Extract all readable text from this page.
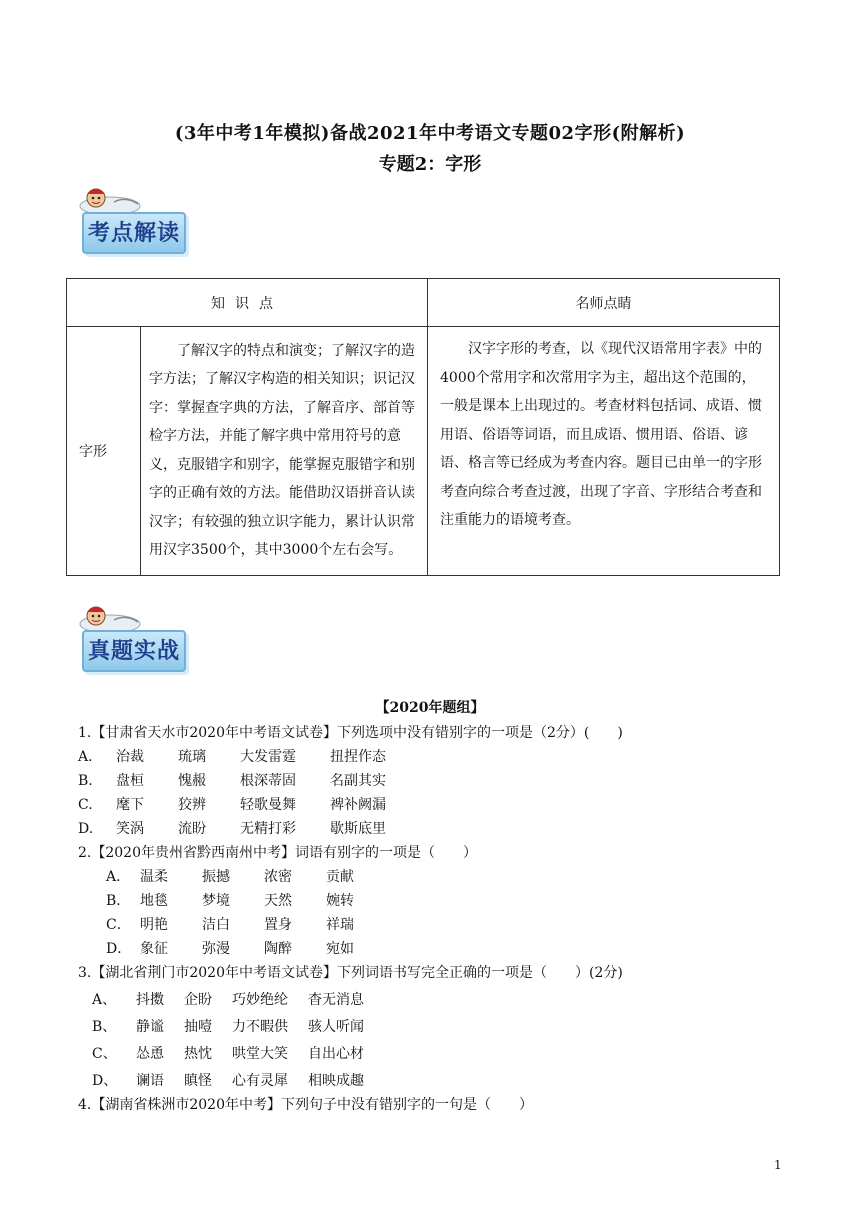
(3年中考1年模拟)备战2021年中考语文专题02字形(附解析)
专题2：字形
考点解读
知识点		名师点睛
字形	了解汉字的特点和演变；了解汉字的造字方法；了解汉字构造的相关知识；识记汉字：掌握查字典的方法，了解音序、部首等检字方法，并能了解字典中常用符号的意义，克服错字和别字，能掌握克服错字和别字的正确有效的方法。能借助汉语拼音认读汉字；有较强的独立识字能力，累计认识常用汉字3500个，其中3000个左右会写。	汉字字形的考查，以《现代汉语常用字表》中的4000个常用字和次常用字为主，超出这个范围的，一般是课本上出现过的。考查材料包括词、成语、惯用语、俗语等词语，而且成语、惯用语、俗语、谚语、格言等已经成为考查内容。题目已由单一的字形考查向综合考查过渡，出现了字音、字形结合考查和注重能力的语境考查。
真题实战
【2020年题组】
1.【甘肃省天水市2020年中考语文试卷】下列选项中没有错别字的一项是（2分）(　　)
A. 治裁 琉璃 大发雷霆 扭捏作态
B. 盘桓 愧赧 根深蒂固 名副其实
C. 麾下 狡辨 轻歌曼舞 裨补阙漏
D. 笑涡 流盼 无精打彩 歇斯底里
2.【2020年贵州省黔西南州中考】词语有别字的一项是（　　）
A． 温柔 振撼 浓密 贡献
B． 地毯 梦境 天然 婉转
C． 明艳 洁白 置身 祥瑞
D． 象征 弥漫 陶醉 宛如
3.【湖北省荆门市2020年中考语文试卷】下列词语书写完全正确的一项是（　　）(2分)
A、 抖擞 企盼 巧妙绝纶 杳无消息
B、 静谧 抽噎 力不暇供 骇人听闻
C、 怂恿 热忱 哄堂大笑 自出心材
D、 谰语 瞋怪 心有灵犀 相映成趣
4.【湖南省株洲市2020年中考】下列句子中没有错别字的一句是（　　）
1
